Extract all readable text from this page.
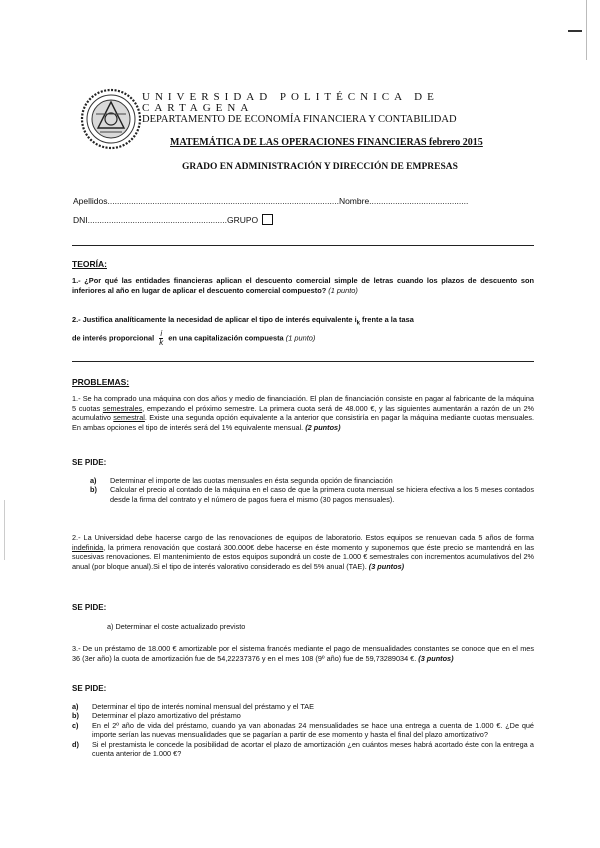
UNIVERSIDAD POLITÉCNICA DE
CARTAGENA
DEPARTAMENTO DE ECONOMÍA FINANCIERA Y CONTABILIDAD
MATEMÁTICA DE LAS OPERACIONES FINANCIERAS febrero 2015
GRADO EN ADMINISTRACIÓN Y DIRECCIÓN DE EMPRESAS
Apellidos..................................................................................................Nombre..........................................
DNI...........................................................GRUPO
TEORÍA:
1.- ¿Por qué las entidades financieras aplican el descuento comercial simple de letras cuando los plazos de descuento son inferiores al año en lugar de aplicar el descuento comercial compuesto? (1 punto)
2.- Justifica analíticamente la necesidad de aplicar el tipo de interés equivalente $i_k$ frente a la tasa
de interés proporcional $\frac{i}{k}$ en una capitalización compuesta (1 punto)
PROBLEMAS:
1.- Se ha comprado una máquina con dos años y medio de financiación. El plan de financiación consiste en pagar al fabricante de la máquina 5 cuotas semestrales, empezando el próximo semestre. La primera cuota será de 48.000 €, y las siguientes aumentarán a razón de un 2% acumulativo semestral. Existe una segunda opción equivalente a la anterior que consistiría en pagar la máquina mediante cuotas mensuales. En ambas opciones el tipo de interés será del 1% equivalente mensual. (2 puntos)
SE PIDE:
a)	Determinar el importe de las cuotas mensuales en ésta segunda opción de financiación
b)	Calcular el precio al contado de la máquina en el caso de que la primera cuota mensual se hiciera efectiva a los 5 meses contados desde la firma del contrato y el número de pagos fuera el mismo (30 pagos mensuales).
2.- La Universidad debe hacerse cargo de las renovaciones de equipos de laboratorio. Estos equipos se renuevan cada 5 años de forma indefinida, la primera renovación que costará 300.000€ debe hacerse en éste momento y suponemos que éste precio se mantendrá en las sucesivas renovaciones. El mantenimiento de estos equipos supondrá un coste de 1.000 € semestrales con incrementos acumulativos del 2% anual (por bloque anual).Si el tipo de interés valorativo considerado es del 5% anual (TAE). (3 puntos)
SE PIDE:
a) Determinar el coste actualizado previsto
3.- De un préstamo de 18.000 € amortizable por el sistema francés mediante el pago de mensualidades constantes se conoce que en el mes 36 (3er año) la cuota de amortización fue de 54,22237376 y en el mes 108 (9º año) fue de 59,73289034 €. (3 puntos)
SE PIDE:
a)	Determinar el tipo de interés nominal mensual del préstamo y el TAE
b)	Determinar el plazo amortizativo del préstamo
c)	En el 2º año de vida del préstamo, cuando ya van abonadas 24 mensualidades se hace una entrega a cuenta de 1.000 €. ¿De qué importe serían las nuevas mensualidades que se pagarían a partir de ese momento y hasta el final del plazo amortizativo?
d)	Si el prestamista le concede la posibilidad de acortar el plazo de amortización ¿en cuántos meses habrá acortado éste con la entrega a cuenta anterior de 1.000 €?
